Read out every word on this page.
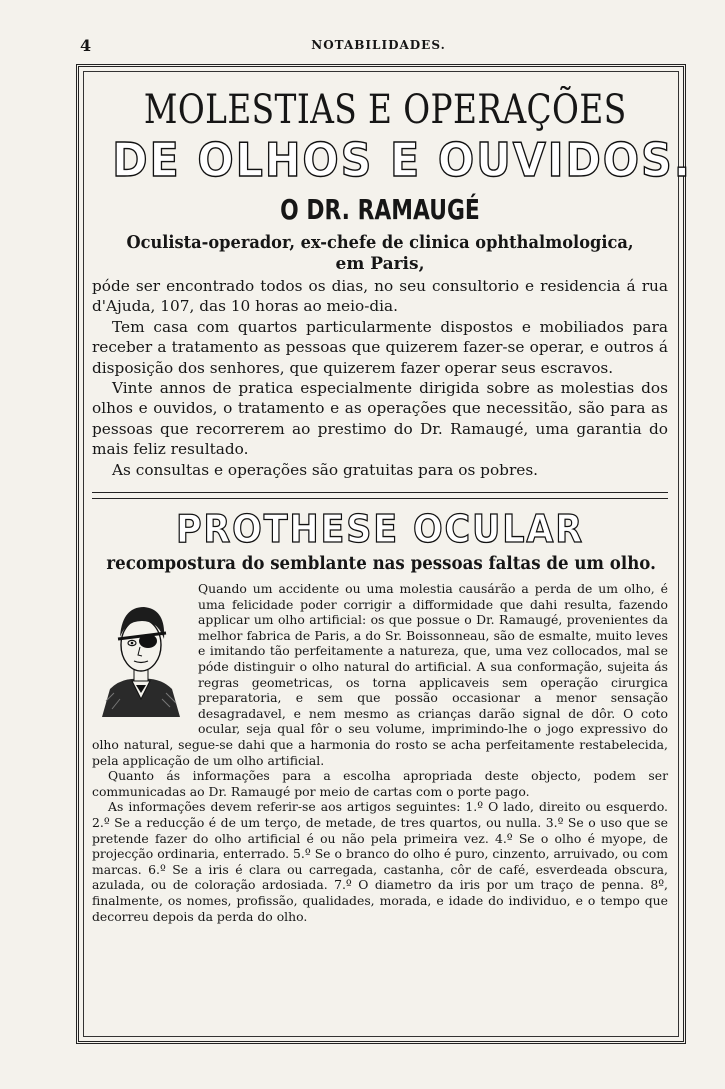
4	NOTABILIDADES.
MOLESTIAS E OPERAÇÕES
DE OLHOS E OUVIDOS.
O DR. RAMAUGÉ
Oculista-operador, ex-chefe de clinica ophthalmologica,
em Paris,

póde ser encontrado todos os dias, no seu consultorio e residencia á rua d'Ajuda, 107, das 10 horas ao meio-dia.

Tem casa com quartos particularmente dispostos e mobiliados para receber a tratamento as pessoas que quizerem fazer-se operar, e outros á disposição dos senhores, que quizerem fazer operar seus escravos.

Vinte annos de pratica especialmente dirigida sobre as molestias dos olhos e ouvidos, o tratamento e as operações que necessitão, são para as pessoas que recorrerem ao prestimo do Dr. Ramaugé, uma garantia do mais feliz resultado.

As consultas e operações são gratuitas para os pobres.

PROTHESE OCULAR
recompostura do semblante nas pessoas faltas de um olho.

Quando um accidente ou uma molestia causárão a perda de um olho, é uma felicidade poder corrigir a difformidade que dahi resulta, fazendo applicar um olho artificial: os que possue o Dr. Ramaugé, provenientes da melhor fabrica de Paris, a do Sr. Boissonneau, são de esmalte, muito leves e imitando tão perfeitamente a natureza, que, uma vez collocados, mal se póde distinguir o olho natural do artificial. A sua conformação, sujeita ás regras geometricas, os torna applicaveis sem operação cirurgica preparatoria, e sem que possão occasionar a menor sensação desagradavel, e nem mesmo as crianças darão signal de dôr. O coto ocular, seja qual fôr o seu volume, imprimindo-lhe o jogo expressivo do olho natural, segue-se dahi que a harmonia do rosto se acha perfeitamente restabelecida, pela applicação de um olho artificial.

Quanto ás informações para a escolha apropriada deste objecto, podem ser communicadas ao Dr. Ramaugé por meio de cartas com o porte pago.

As informações devem referir-se aos artigos seguintes: 1.º O lado, direito ou esquerdo. 2.º Se a reducção é de um terço, de metade, de tres quartos, ou nulla. 3.º Se o uso que se pretende fazer do olho artificial é ou não pela primeira vez. 4.º Se o olho é myope, de projecção ordinaria, enterrado. 5.º Se o branco do olho é puro, cinzento, arruivado, ou com marcas. 6.º Se a iris é clara ou carregada, castanha, côr de café, esverdeada obscura, azulada, ou de coloração ardosiada. 7.º O diametro da iris por um traço de penna. 8º, finalmente, os nomes, profissão, qualidades, morada, e idade do individuo, e o tempo que decorreu depois da perda do olho.
